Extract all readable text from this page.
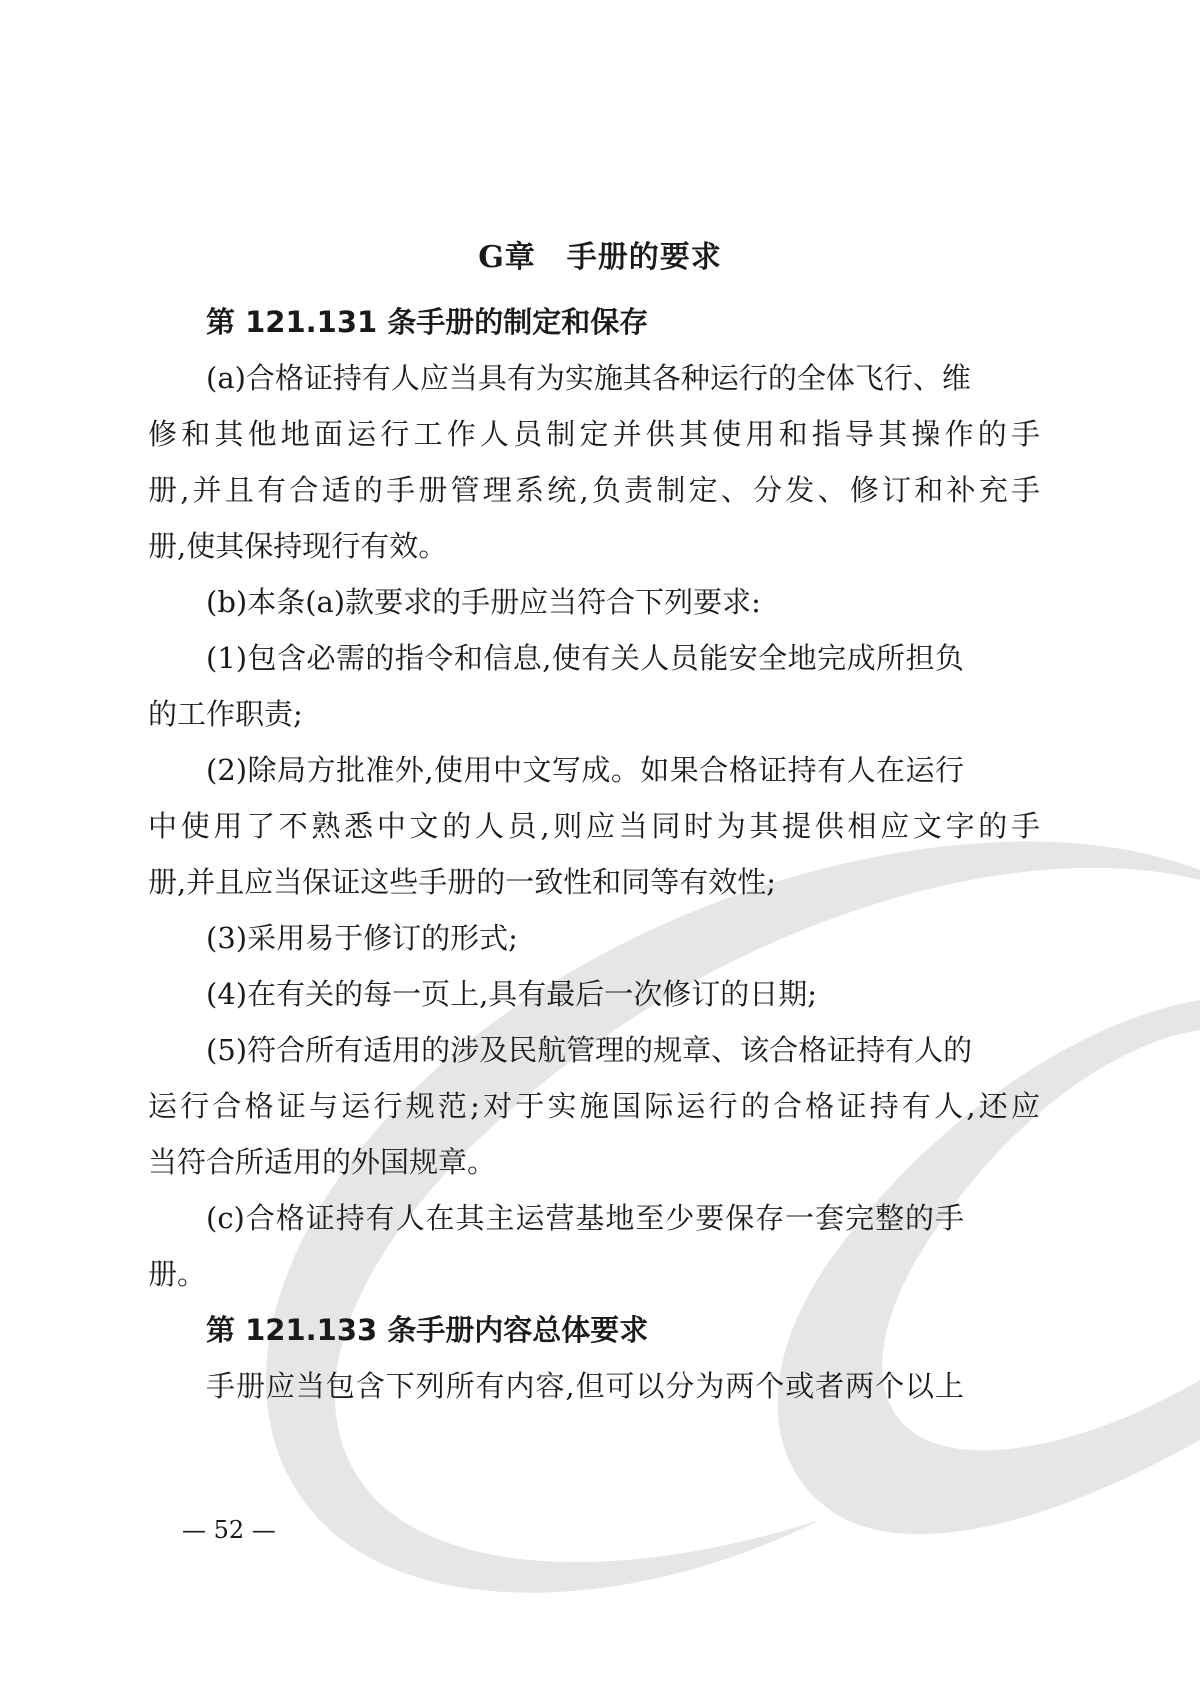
G章　手册的要求

第 121.131 条手册的制定和保存

(a)合格证持有人应当具有为实施其各种运行的全体飞行、维

修和其他地面运行工作人员制定并供其使用和指导其操作的手

册,并且有合适的手册管理系统,负责制定、分发、修订和补充手

册,使其保持现行有效。

(b)本条(a)款要求的手册应当符合下列要求:

(1)包含必需的指令和信息,使有关人员能安全地完成所担负

的工作职责;

(2)除局方批准外,使用中文写成。如果合格证持有人在运行

中使用了不熟悉中文的人员,则应当同时为其提供相应文字的手

册,并且应当保证这些手册的一致性和同等有效性;

(3)采用易于修订的形式;

(4)在有关的每一页上,具有最后一次修订的日期;

(5)符合所有适用的涉及民航管理的规章、该合格证持有人的

运行合格证与运行规范;对于实施国际运行的合格证持有人,还应

当符合所适用的外国规章。

(c)合格证持有人在其主运营基地至少要保存一套完整的手

册。

第 121.133 条手册内容总体要求

手册应当包含下列所有内容,但可以分为两个或者两个以上

— 52 —
